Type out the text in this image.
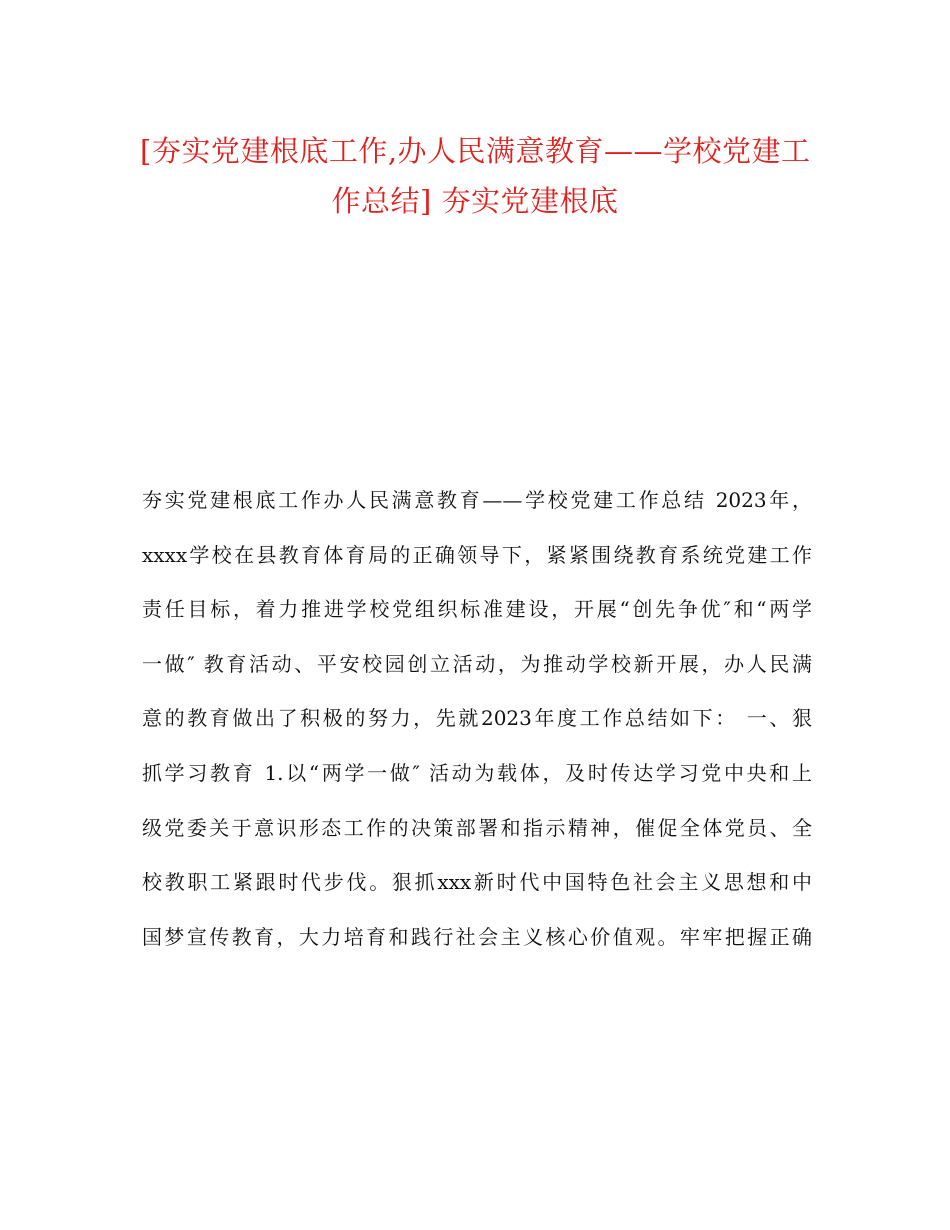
[夯实党建根底工作,办人民满意教育——学校党建工
作总结] 夯实党建根底
夯实党建根底工作办人民满意教育——学校党建工作总结 2023年，
xxxx学校在县教育体育局的正确领导下，紧紧围绕教育系统党建工作
责任目标，着力推进学校党组织标准建设，开展“创先争优″和“两学
一做″ 教育活动、平安校园创立活动，为推动学校新开展，办人民满
意的教育做出了积极的努力，先就2023年度工作总结如下： 一、狠
抓学习教育 1.以“两学一做″ 活动为载体，及时传达学习党中央和上
级党委关于意识形态工作的决策部署和指示精神，催促全体党员、全
校教职工紧跟时代步伐。狠抓xxx新时代中国特色社会主义思想和中
国梦宣传教育，大力培育和践行社会主义核心价值观。牢牢把握正确
